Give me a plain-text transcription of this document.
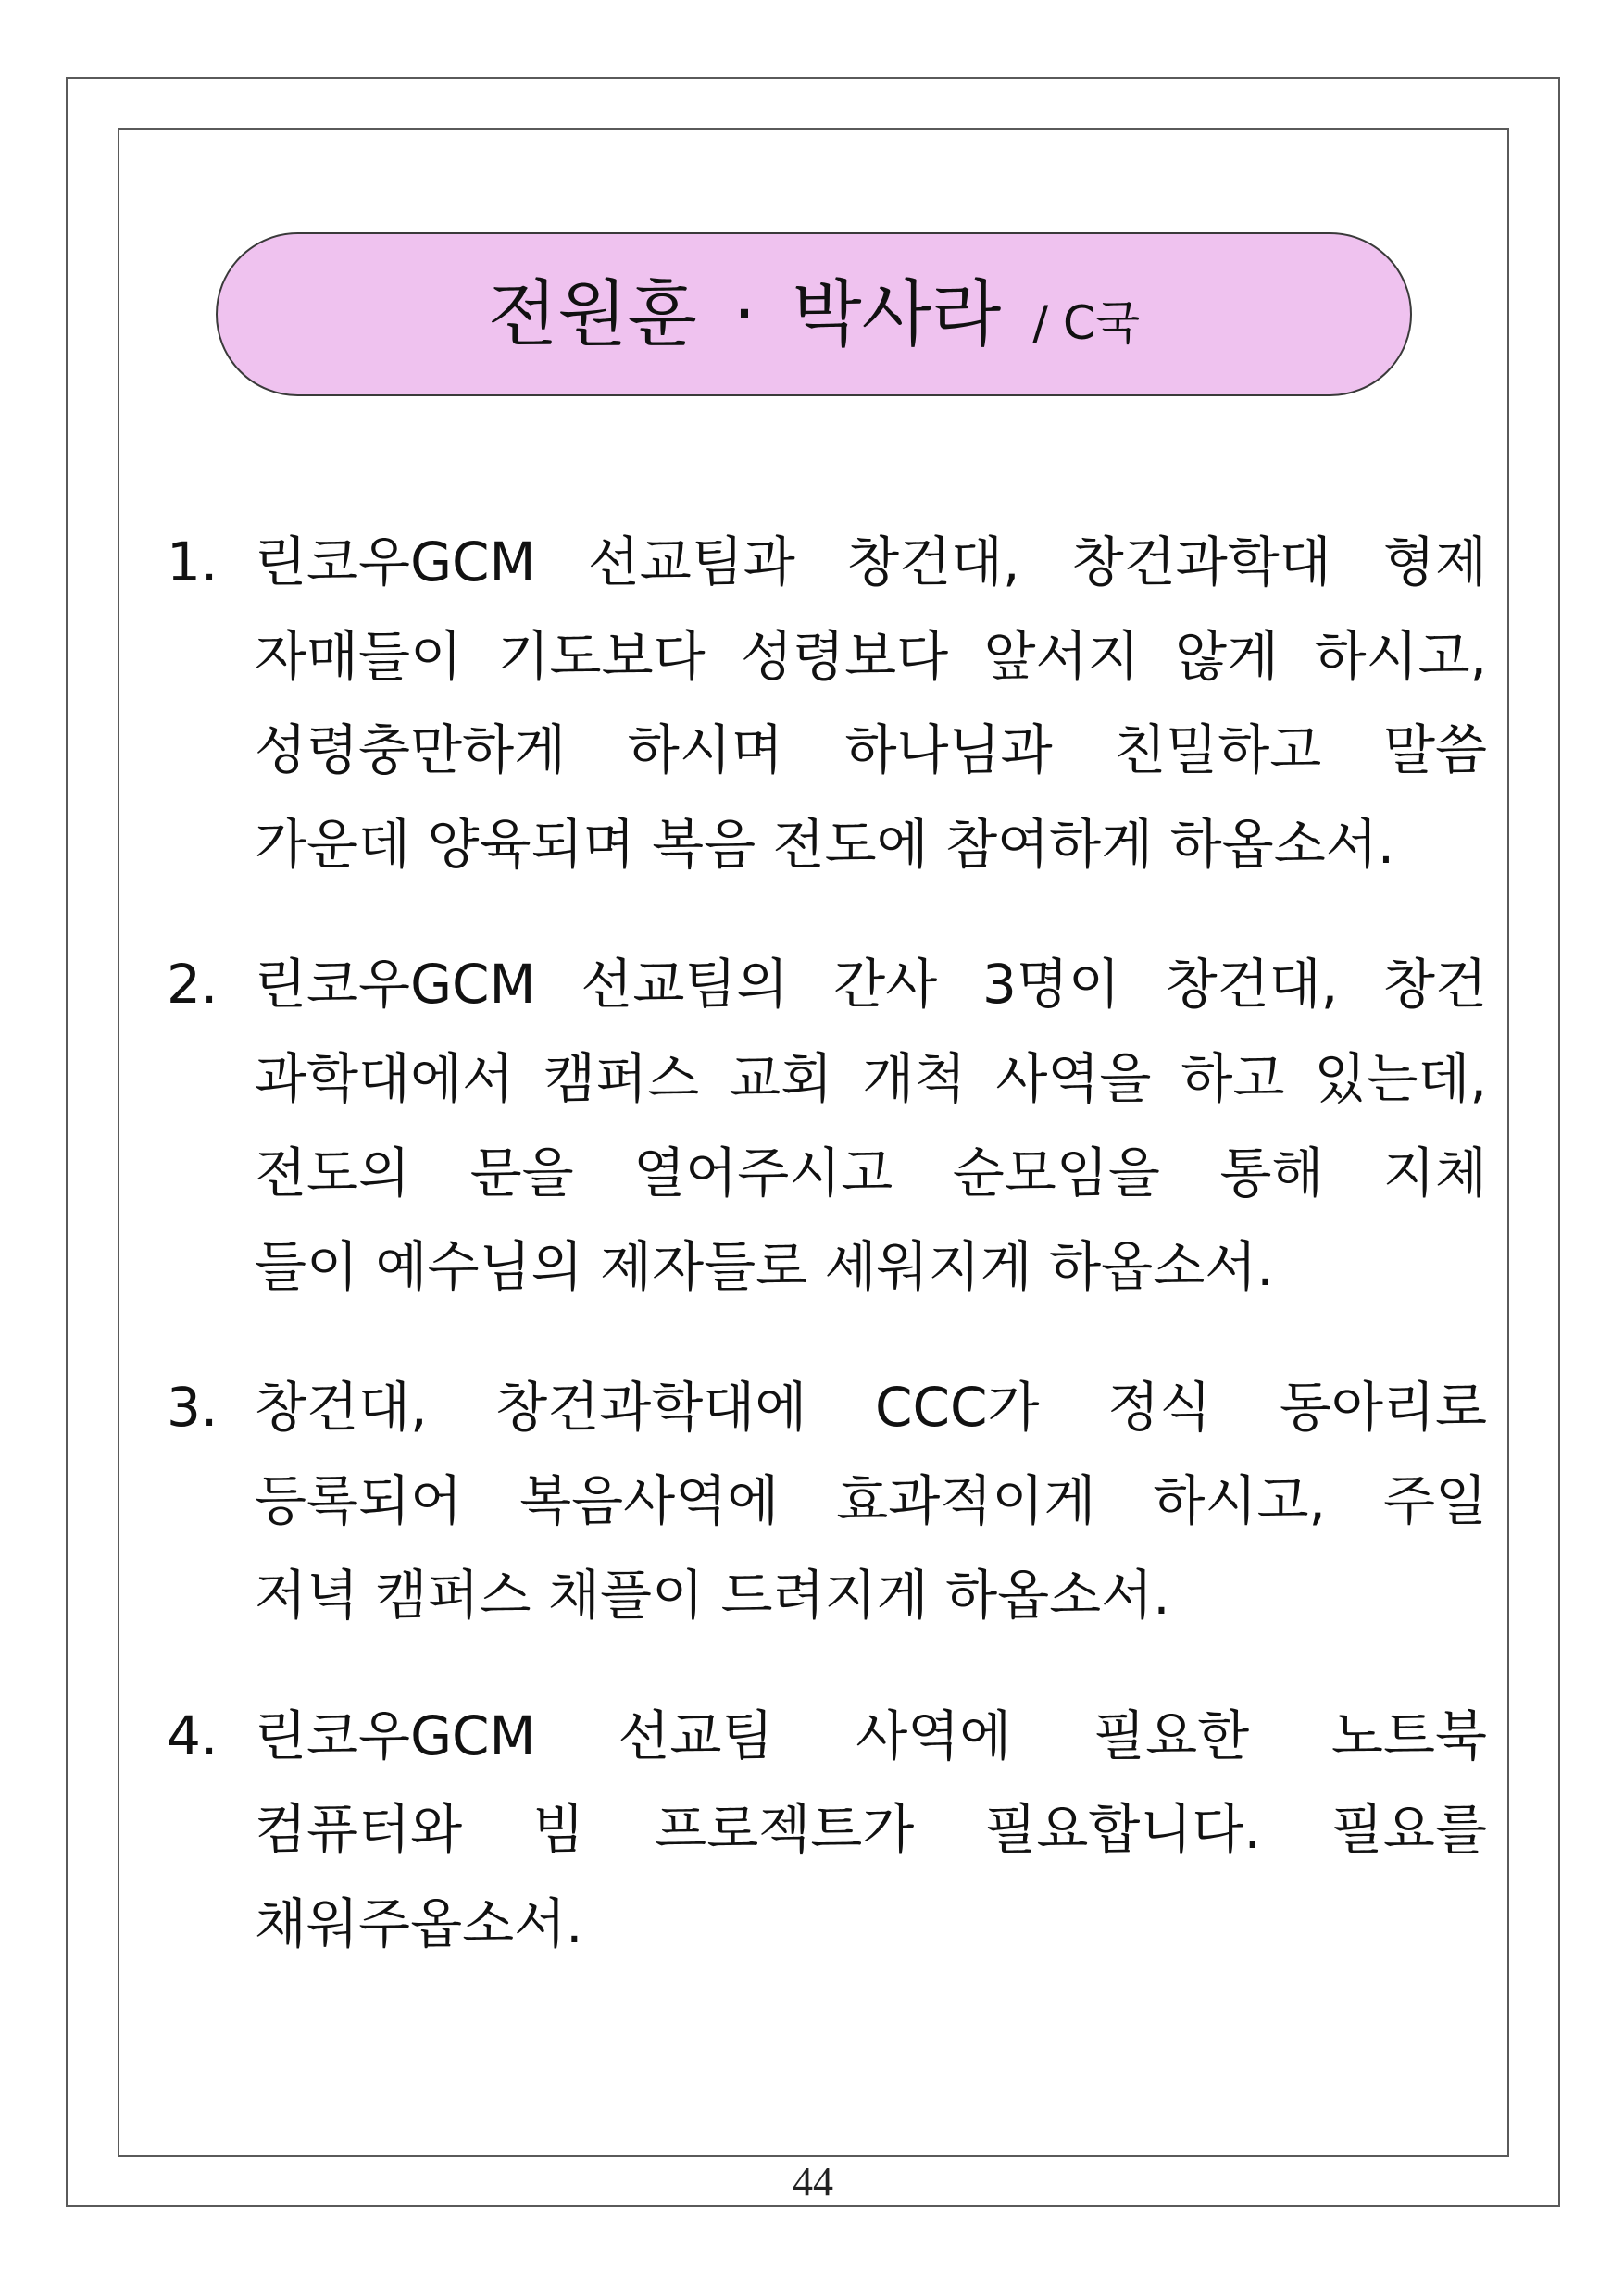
전원훈 · 박사라 / C국
1. 린코우GCM 선교팀과 창건대, 창건과학대 형제
자매들이 기도보다 성령보다 앞서지 않게 하시고,
성령충만하게 하시며 하나님과 친밀하고 말씀
가운데 양육되며 복음 전도에 참여하게 하옵소서.
2. 린코우GCM 선교팀의 간사 3명이 창건대, 창건
과학대에서 캠퍼스 교회 개척 사역을 하고 있는데,
전도의 문을 열어주시고 순모임을 통해 지체
들이 예수님의 제자들로 세워지게 하옵소서.
3. 창건대, 창건과학대에 CCC가 정식 동아리로
등록되어 복음사역에 효과적이게 하시고, 주일
저녁 캠퍼스 채플이 드려지게 하옵소서.
4. 린코우GCM 선교팀 사역에 필요한 노트북
컴퓨터와 빔 프로젝트가 필요합니다. 필요를
채워주옵소서.
44
